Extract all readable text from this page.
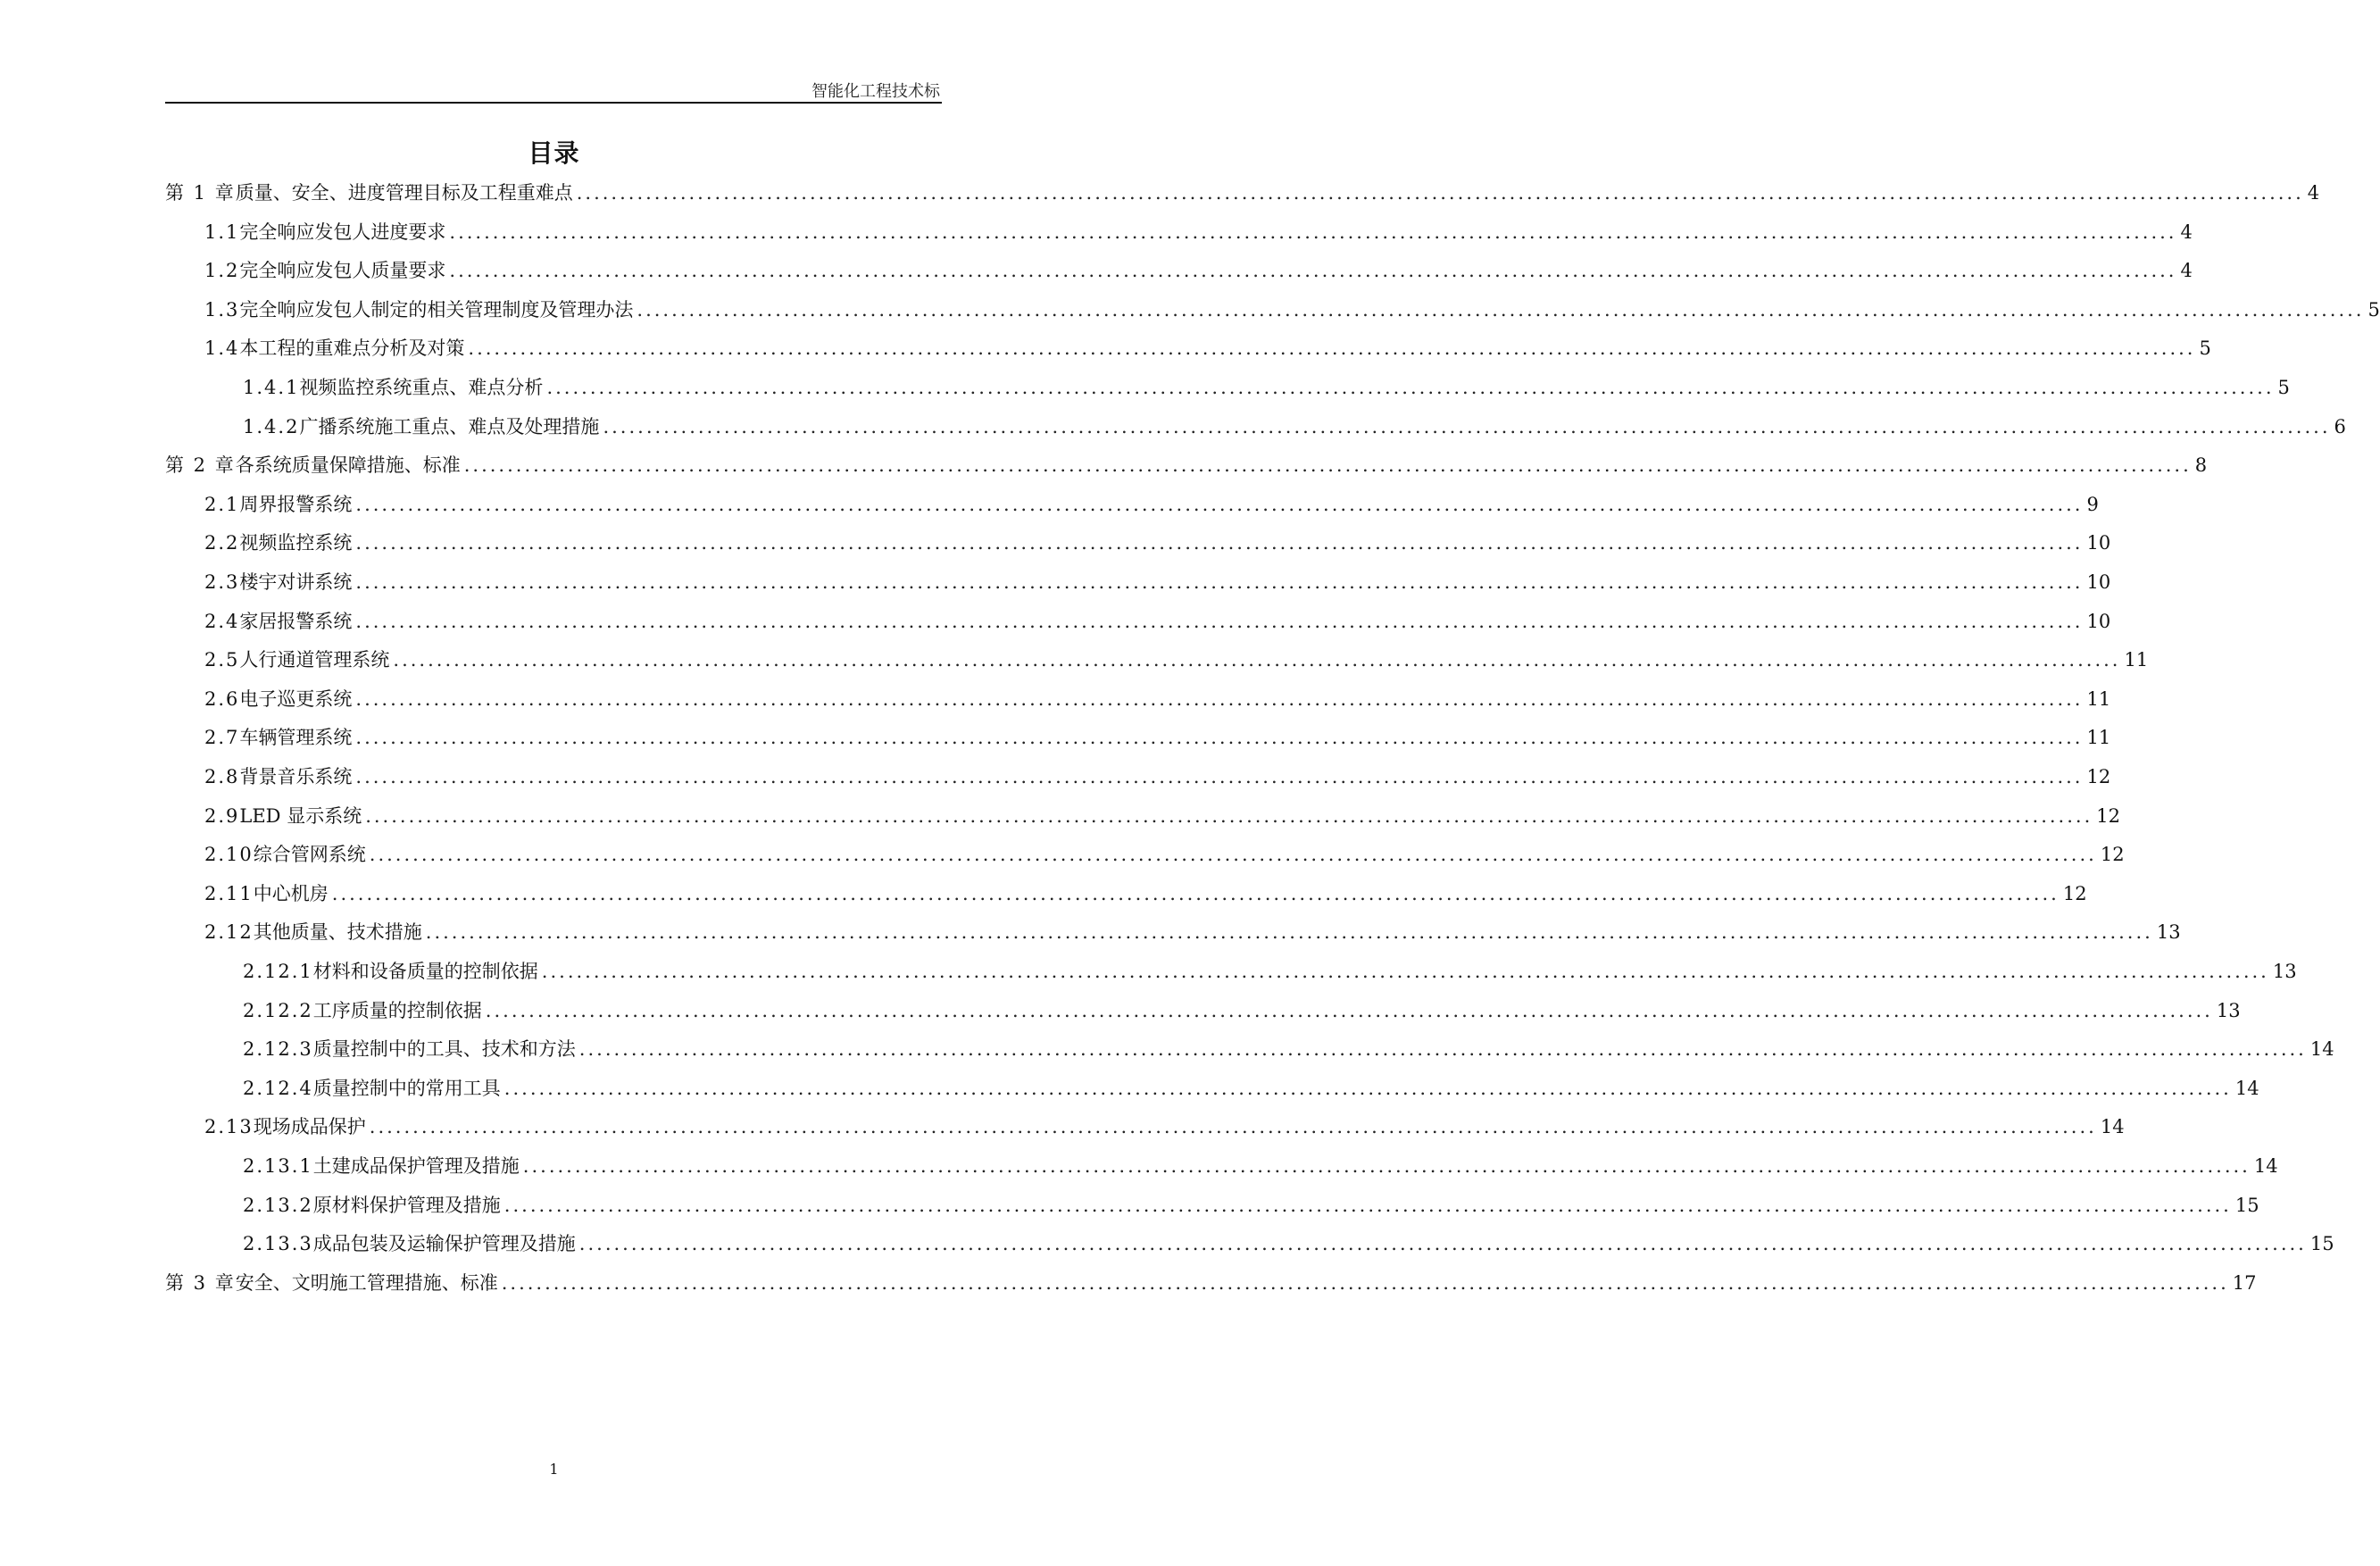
智能化工程技术标
目录
第 1 章 质量、安全、进度管理目标及工程重难点 ........................................................................................................................................................................................................ 4
1.1 完全响应发包人进度要求 ........................................................................................................................................................................................................ 4
1.2 完全响应发包人质量要求 ........................................................................................................................................................................................................ 4
1.3 完全响应发包人制定的相关管理制度及管理办法 ........................................................................................................................................................................................................ 5
1.4 本工程的重难点分析及对策 ........................................................................................................................................................................................................ 5
1.4.1 视频监控系统重点、难点分析 ........................................................................................................................................................................................................ 5
1.4.2 广播系统施工重点、难点及处理措施 ........................................................................................................................................................................................................ 6
第 2 章 各系统质量保障措施、标准 ........................................................................................................................................................................................................ 8
2.1 周界报警系统 ........................................................................................................................................................................................................ 9
2.2 视频监控系统 ........................................................................................................................................................................................................ 10
2.3 楼宇对讲系统 ........................................................................................................................................................................................................ 10
2.4 家居报警系统 ........................................................................................................................................................................................................ 10
2.5 人行通道管理系统 ........................................................................................................................................................................................................ 11
2.6 电子巡更系统 ........................................................................................................................................................................................................ 11
2.7 车辆管理系统 ........................................................................................................................................................................................................ 11
2.8 背景音乐系统 ........................................................................................................................................................................................................ 12
2.9 LED 显示系统 ........................................................................................................................................................................................................ 12
2.10 综合管网系统 ........................................................................................................................................................................................................ 12
2.11 中心机房 ........................................................................................................................................................................................................ 12
2.12 其他质量、技术措施 ........................................................................................................................................................................................................ 13
2.12.1 材料和设备质量的控制依据 ........................................................................................................................................................................................................ 13
2.12.2 工序质量的控制依据 ........................................................................................................................................................................................................ 13
2.12.3 质量控制中的工具、技术和方法 ........................................................................................................................................................................................................ 14
2.12.4 质量控制中的常用工具 ........................................................................................................................................................................................................ 14
2.13 现场成品保护 ........................................................................................................................................................................................................ 14
2.13.1 土建成品保护管理及措施 ........................................................................................................................................................................................................ 14
2.13.2 原材料保护管理及措施 ........................................................................................................................................................................................................ 15
2.13.3 成品包装及运输保护管理及措施 ........................................................................................................................................................................................................ 15
第 3 章 安全、文明施工管理措施、标准 ........................................................................................................................................................................................................ 17
1
